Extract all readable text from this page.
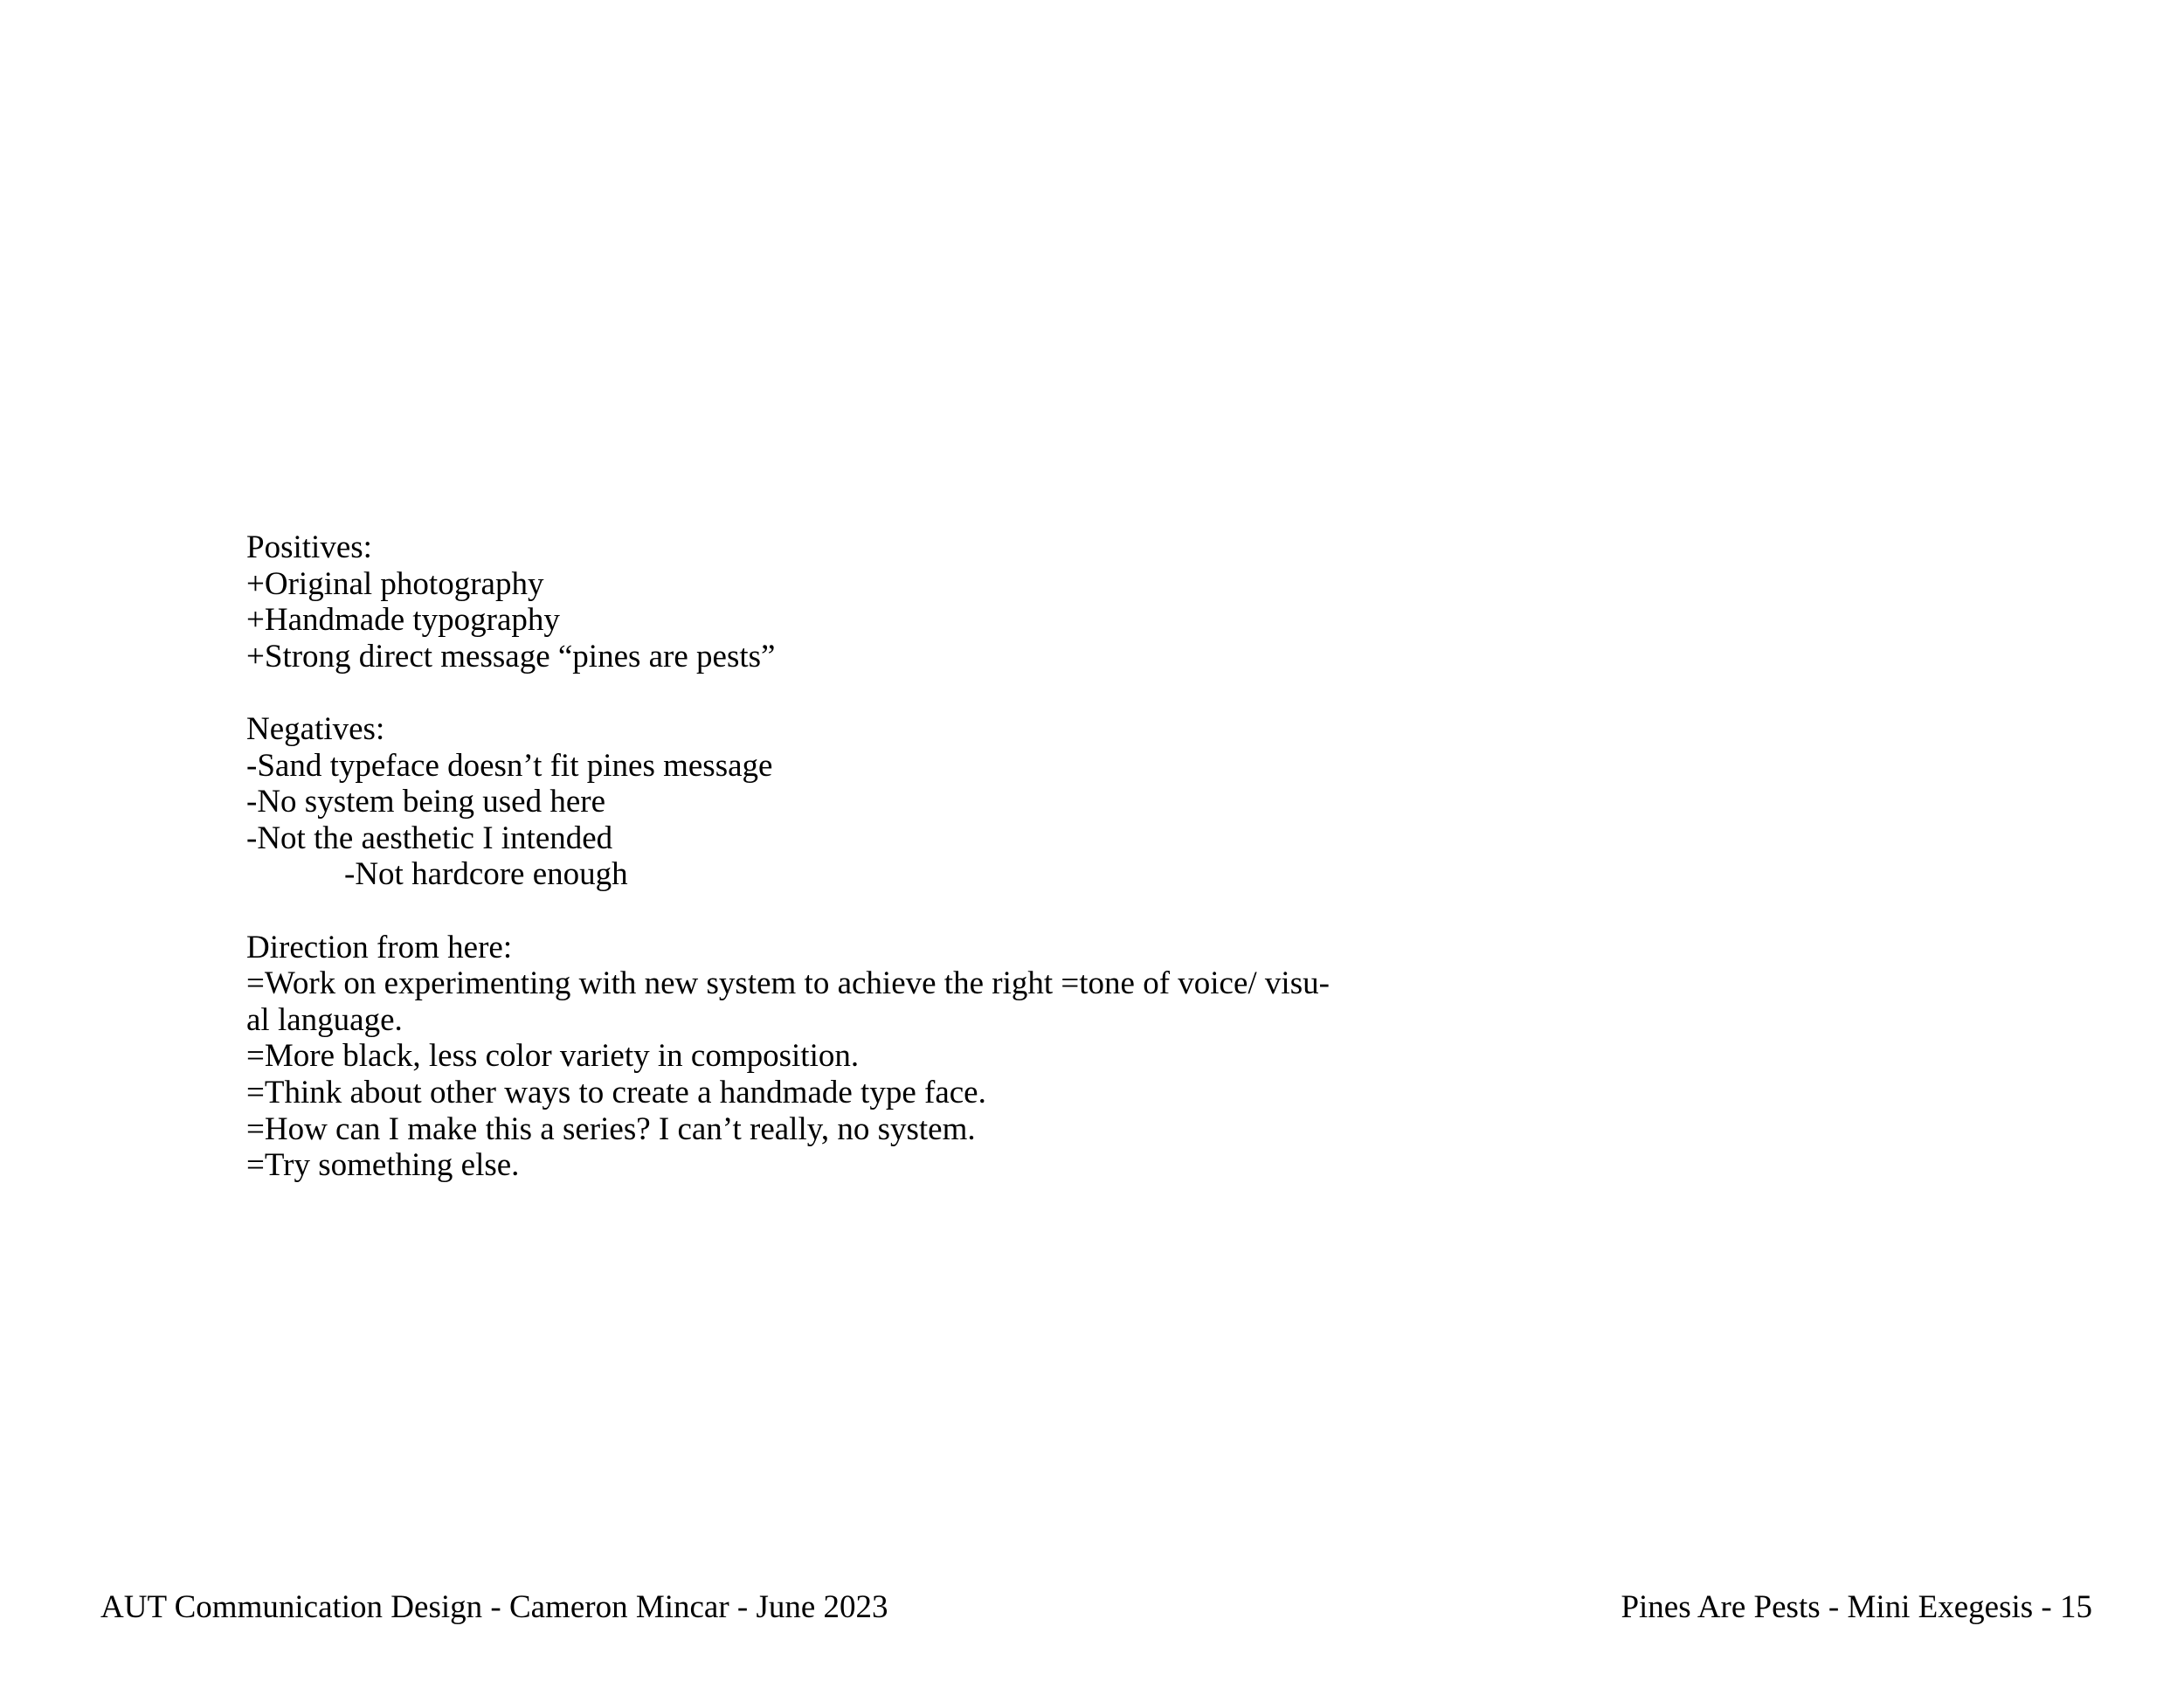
Positives:
+Original photography
+Handmade typography
+Strong direct message “pines are pests”
Negatives:
-Sand typeface doesn’t fit pines message
-No system being used here
-Not the aesthetic I intended
-Not hardcore enough
Direction from here:
=Work on experimenting with new system to achieve the right =tone of voice/ visu-
al language.
=More black, less color variety in composition.
=Think about other ways to create a handmade type face.
=How can I make this a series? I can’t really, no system.
=Try something else.
AUT Communication Design - Cameron Mincar - June 2023	Pines Are Pests - Mini Exegesis - 15
